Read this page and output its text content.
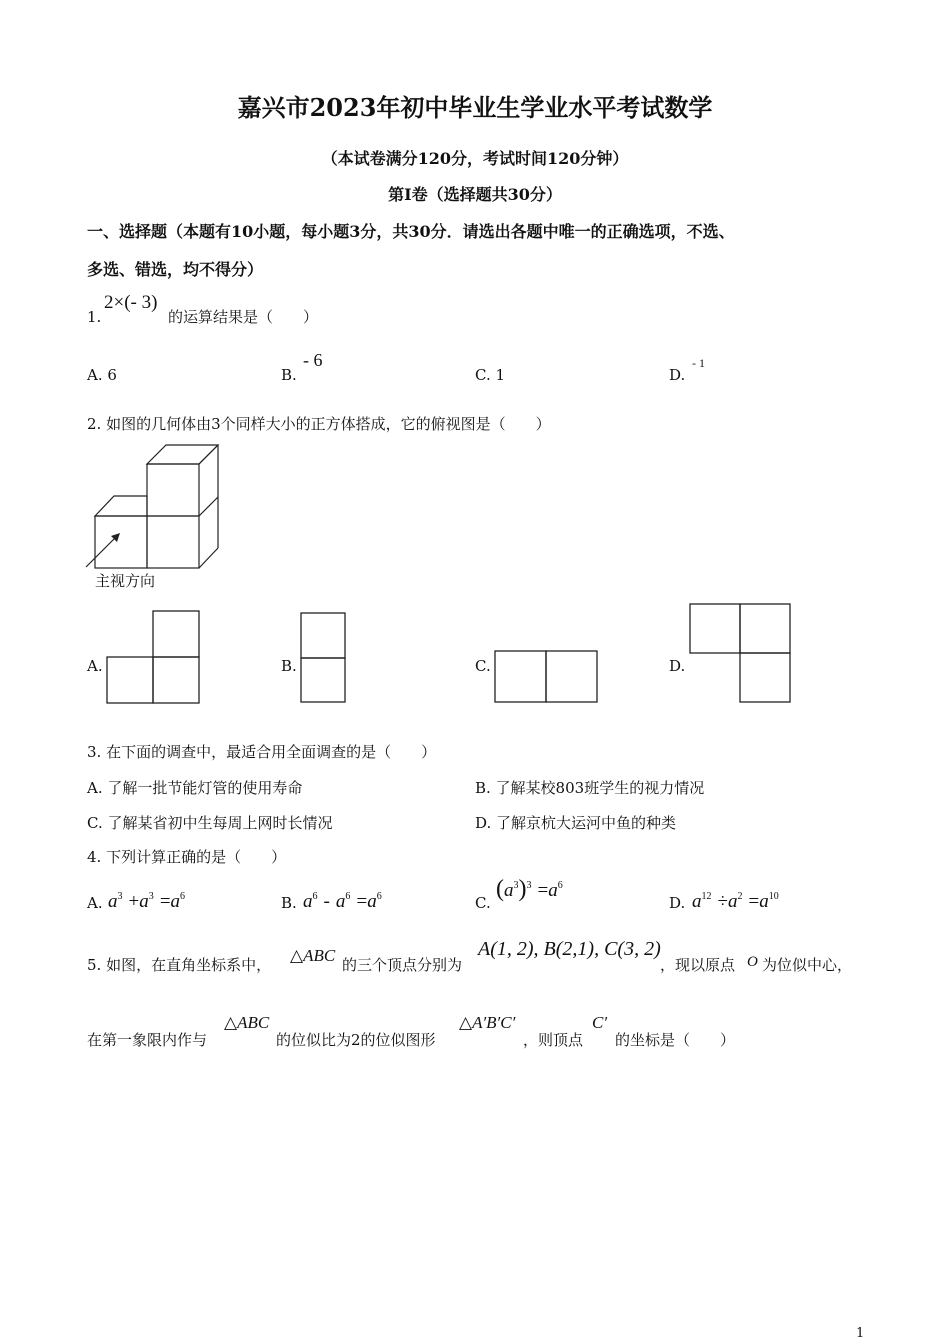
嘉兴市2023年初中毕业生学业水平考试数学
（本试卷满分120分，考试时间120分钟）
第I卷（选择题共30分）
一、选择题（本题有10小题，每小题3分，共30分．请选出各题中唯一的正确选项，不选、
多选、错选，均不得分）
1.
2×(- 3)
的运算结果是（　　）
A. 6	B.
- 6
C. 1	D.
- 1
2. 如图的几何体由3个同样大小的正方体搭成，它的俯视图是（　　）
主视方向
A.	B.	C.	D.
3. 在下面的调查中，最适合用全面调查的是（　　）
A. 了解一批节能灯管的使用寿命	B. 了解某校803班学生的视力情况
C. 了解某省初中生每周上网时长情况	D. 了解京杭大运河中鱼的种类
4. 下列计算正确的是（　　）
A. $a^3 +a^3 =a^6$	B. $a^6 - a^6 =a^6$	C.
$(a^3)^3 =a^6$
D. $a^{12} \div a^2 =a^{10}$
5. 如图，在直角坐标系中， △ABC 的三个顶点分别为
A(1, 2), B(2,1), C(3, 2)
，现以原点 O 为位似中心，
在第一象限内作与
△ABC
的位似比为2的位似图形
△A′B′C′
，则顶点
C′
的坐标是（　　）
1
